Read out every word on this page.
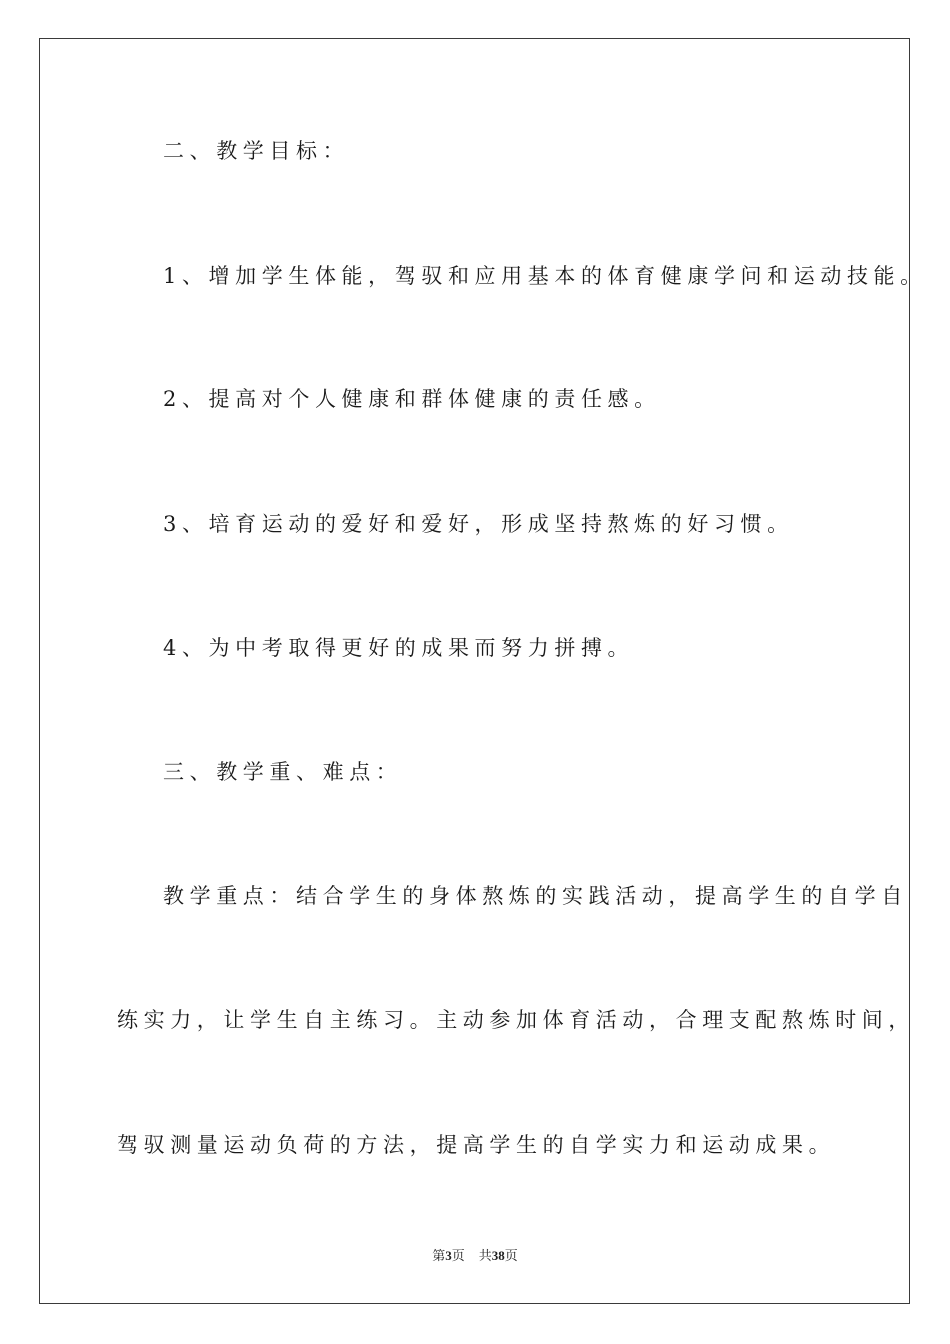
二、教学目标：
1、增加学生体能，驾驭和应用基本的体育健康学问和运动技能。
2、提高对个人健康和群体健康的责任感。
3、培育运动的爱好和爱好，形成坚持熬炼的好习惯。
4、为中考取得更好的成果而努力拼搏。
三、教学重、难点：
教学重点：结合学生的身体熬炼的实践活动，提高学生的自学自
练实力，让学生自主练习。主动参加体育活动，合理支配熬炼时间，
驾驭测量运动负荷的方法，提高学生的自学实力和运动成果。
第3页 共38页
